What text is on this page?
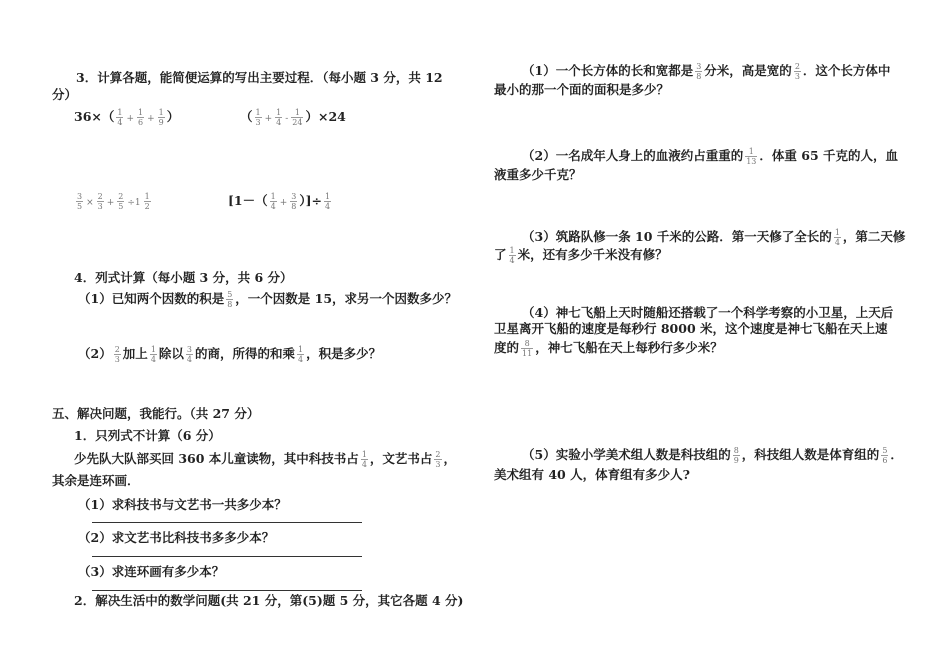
3．计算各题，能简便运算的写出主要过程．（每小题 3 分，共 12
分）
$36\times( \frac{1}{4} + \frac{1}{6} + \frac{1}{9}$ ）	（ $\frac{1}{3} + \frac{1}{4} - \frac{1}{24} )\times 24$
$\frac{3}{5} \times \frac{2}{3} + \frac{2}{5} \div 1 \frac{1}{2}$	[$1-( \frac{1}{4} + \frac{3}{8}$ ）]÷ $\frac{1}{4}$
4．列式计算（每小题 3 分，共 6 分）
（1）已知两个因数的积是 $\frac{5}{8}$ ，一个因数是 15，求另一个因数多少？
$(2) \frac{2}{3}$ 加上 $\frac{1}{4}$ 除以 $\frac{3}{4}$ 的商，所得的和乘 $\frac{1}{4}$ ，积是多少？
五、解决问题，我能行。（共 27 分）
1．只列式不计算（6 分）
少先队大队部买回 360 本儿童读物，其中科技书占 $\frac{1}{4}$ ，文艺书占 $\frac{2}{3}$ ，
其余是连环画．
（1）求科技书与文艺书一共多少本？
（2）求文艺书比科技书多多少本？
（3）求连环画有多少本？
2．解决生活中的数学问题(共 21 分，第(5)题 5 分，其它各题 4 分)
（1）一个长方体的长和宽都是 $\frac{3}{8}$ 分米，高是宽的 $\frac{2}{3}$ ．这个长方体中
最小的那一个面的面积是多少？
（2）一名成年人身上的血液约占重重的 $\frac{1}{13}$ ．体重 65 千克的人，血
液重多少千克？
（3）筑路队修一条 10 千米的公路．第一天修了全长的 $\frac{1}{4}$ ，第二天修
了 $\frac{1}{4}$ 米，还有多少千米没有修？
（4）神七飞船上天时随船还搭载了一个科学考察的小卫星，上天后
卫星离开飞船的速度是每秒行 8000 米，这个速度是神七飞船在天上速
度的 $\frac{8}{11}$ ，神七飞船在天上每秒行多少米？
（5）实验小学美术组人数是科技组的 $\frac{8}{9}$ ，科技组人数是体育组的 $\frac{5}{6}$ ．
美术组有 40 人，体育组有多少人?
